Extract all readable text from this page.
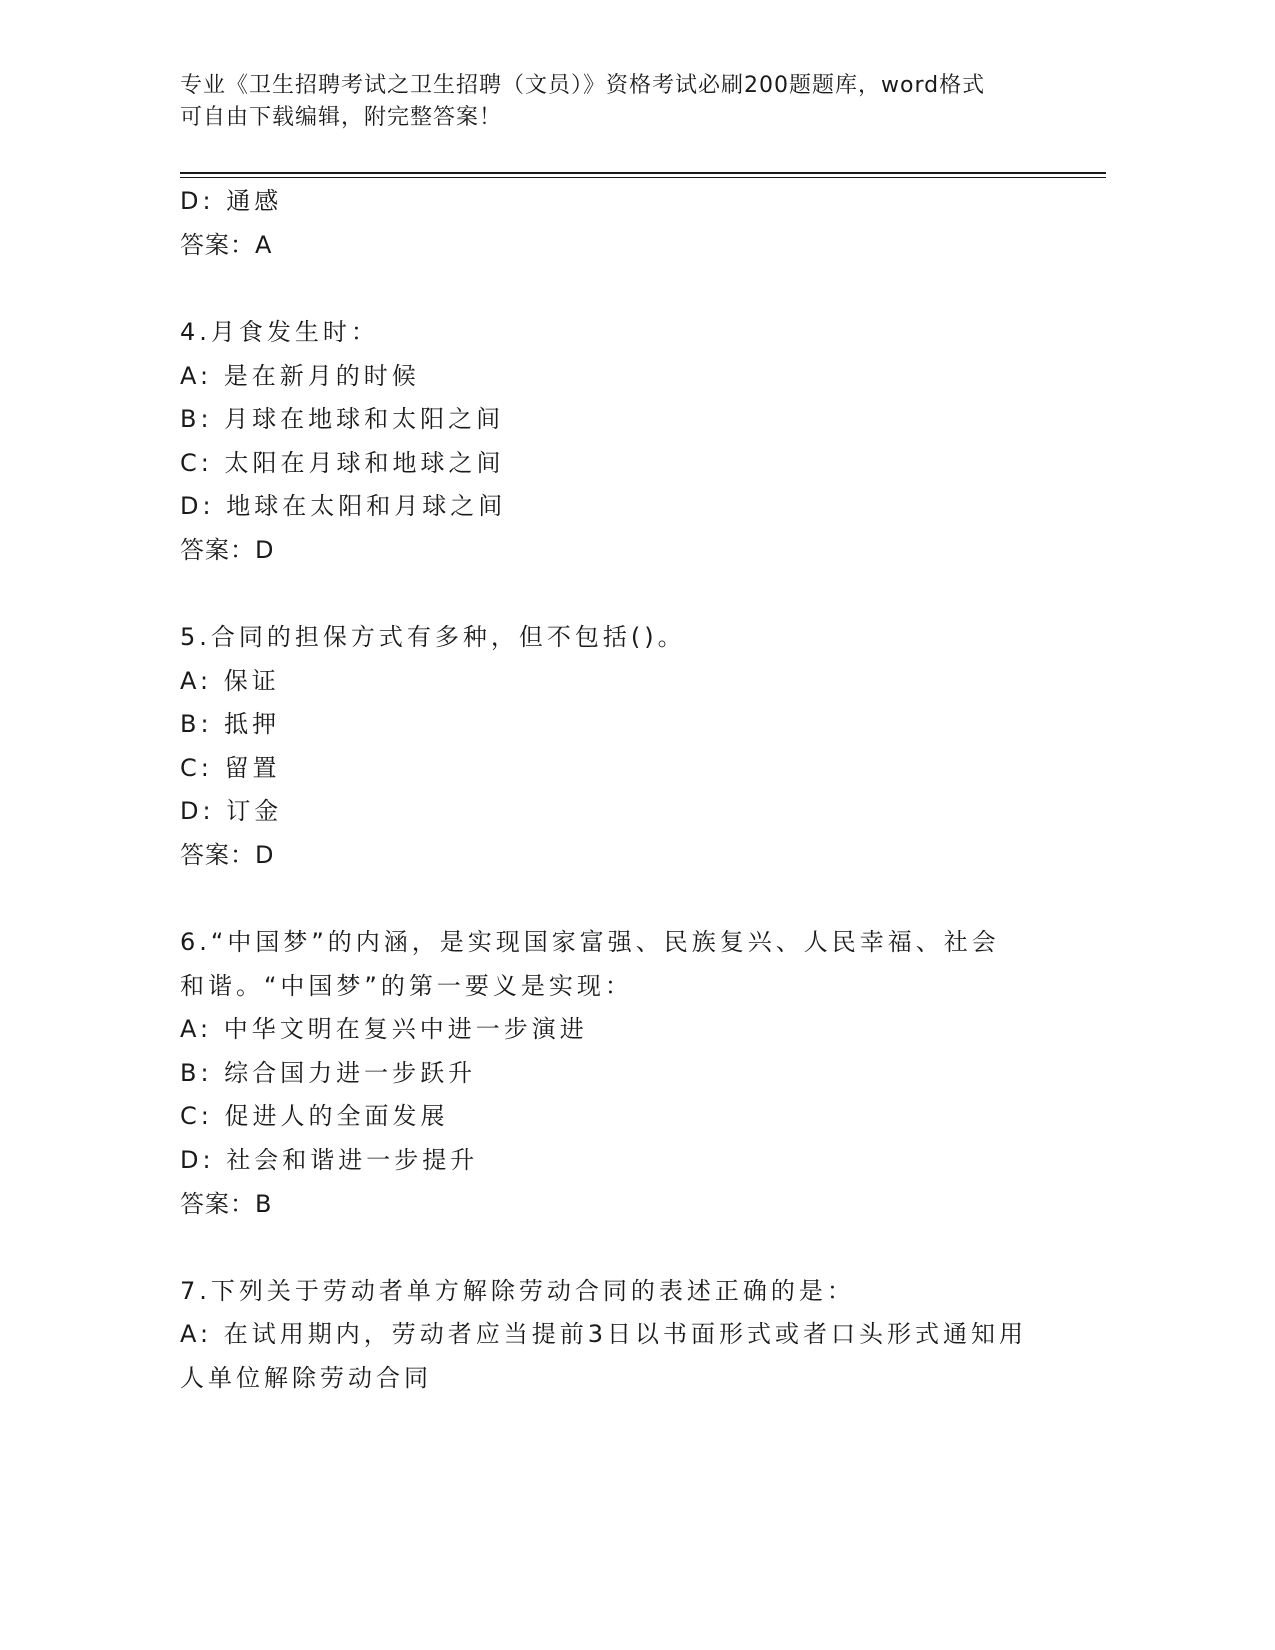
专业《卫生招聘考试之卫生招聘（文员）》资格考试必刷200题题库，word格式
可自由下载编辑，附完整答案！
D: 通感
答案：A
4.月食发生时：
A: 是在新月的时候
B: 月球在地球和太阳之间
C: 太阳在月球和地球之间
D: 地球在太阳和月球之间
答案：D
5.合同的担保方式有多种，但不包括()。
A: 保证
B: 抵押
C: 留置
D: 订金
答案：D
6.“中国梦”的内涵，是实现国家富强、民族复兴、人民幸福、社会
和谐。“中国梦”的第一要义是实现：
A: 中华文明在复兴中进一步演进
B: 综合国力进一步跃升
C: 促进人的全面发展
D: 社会和谐进一步提升
答案：B
7.下列关于劳动者单方解除劳动合同的表述正确的是：
A: 在试用期内，劳动者应当提前3日以书面形式或者口头形式通知用
人单位解除劳动合同
